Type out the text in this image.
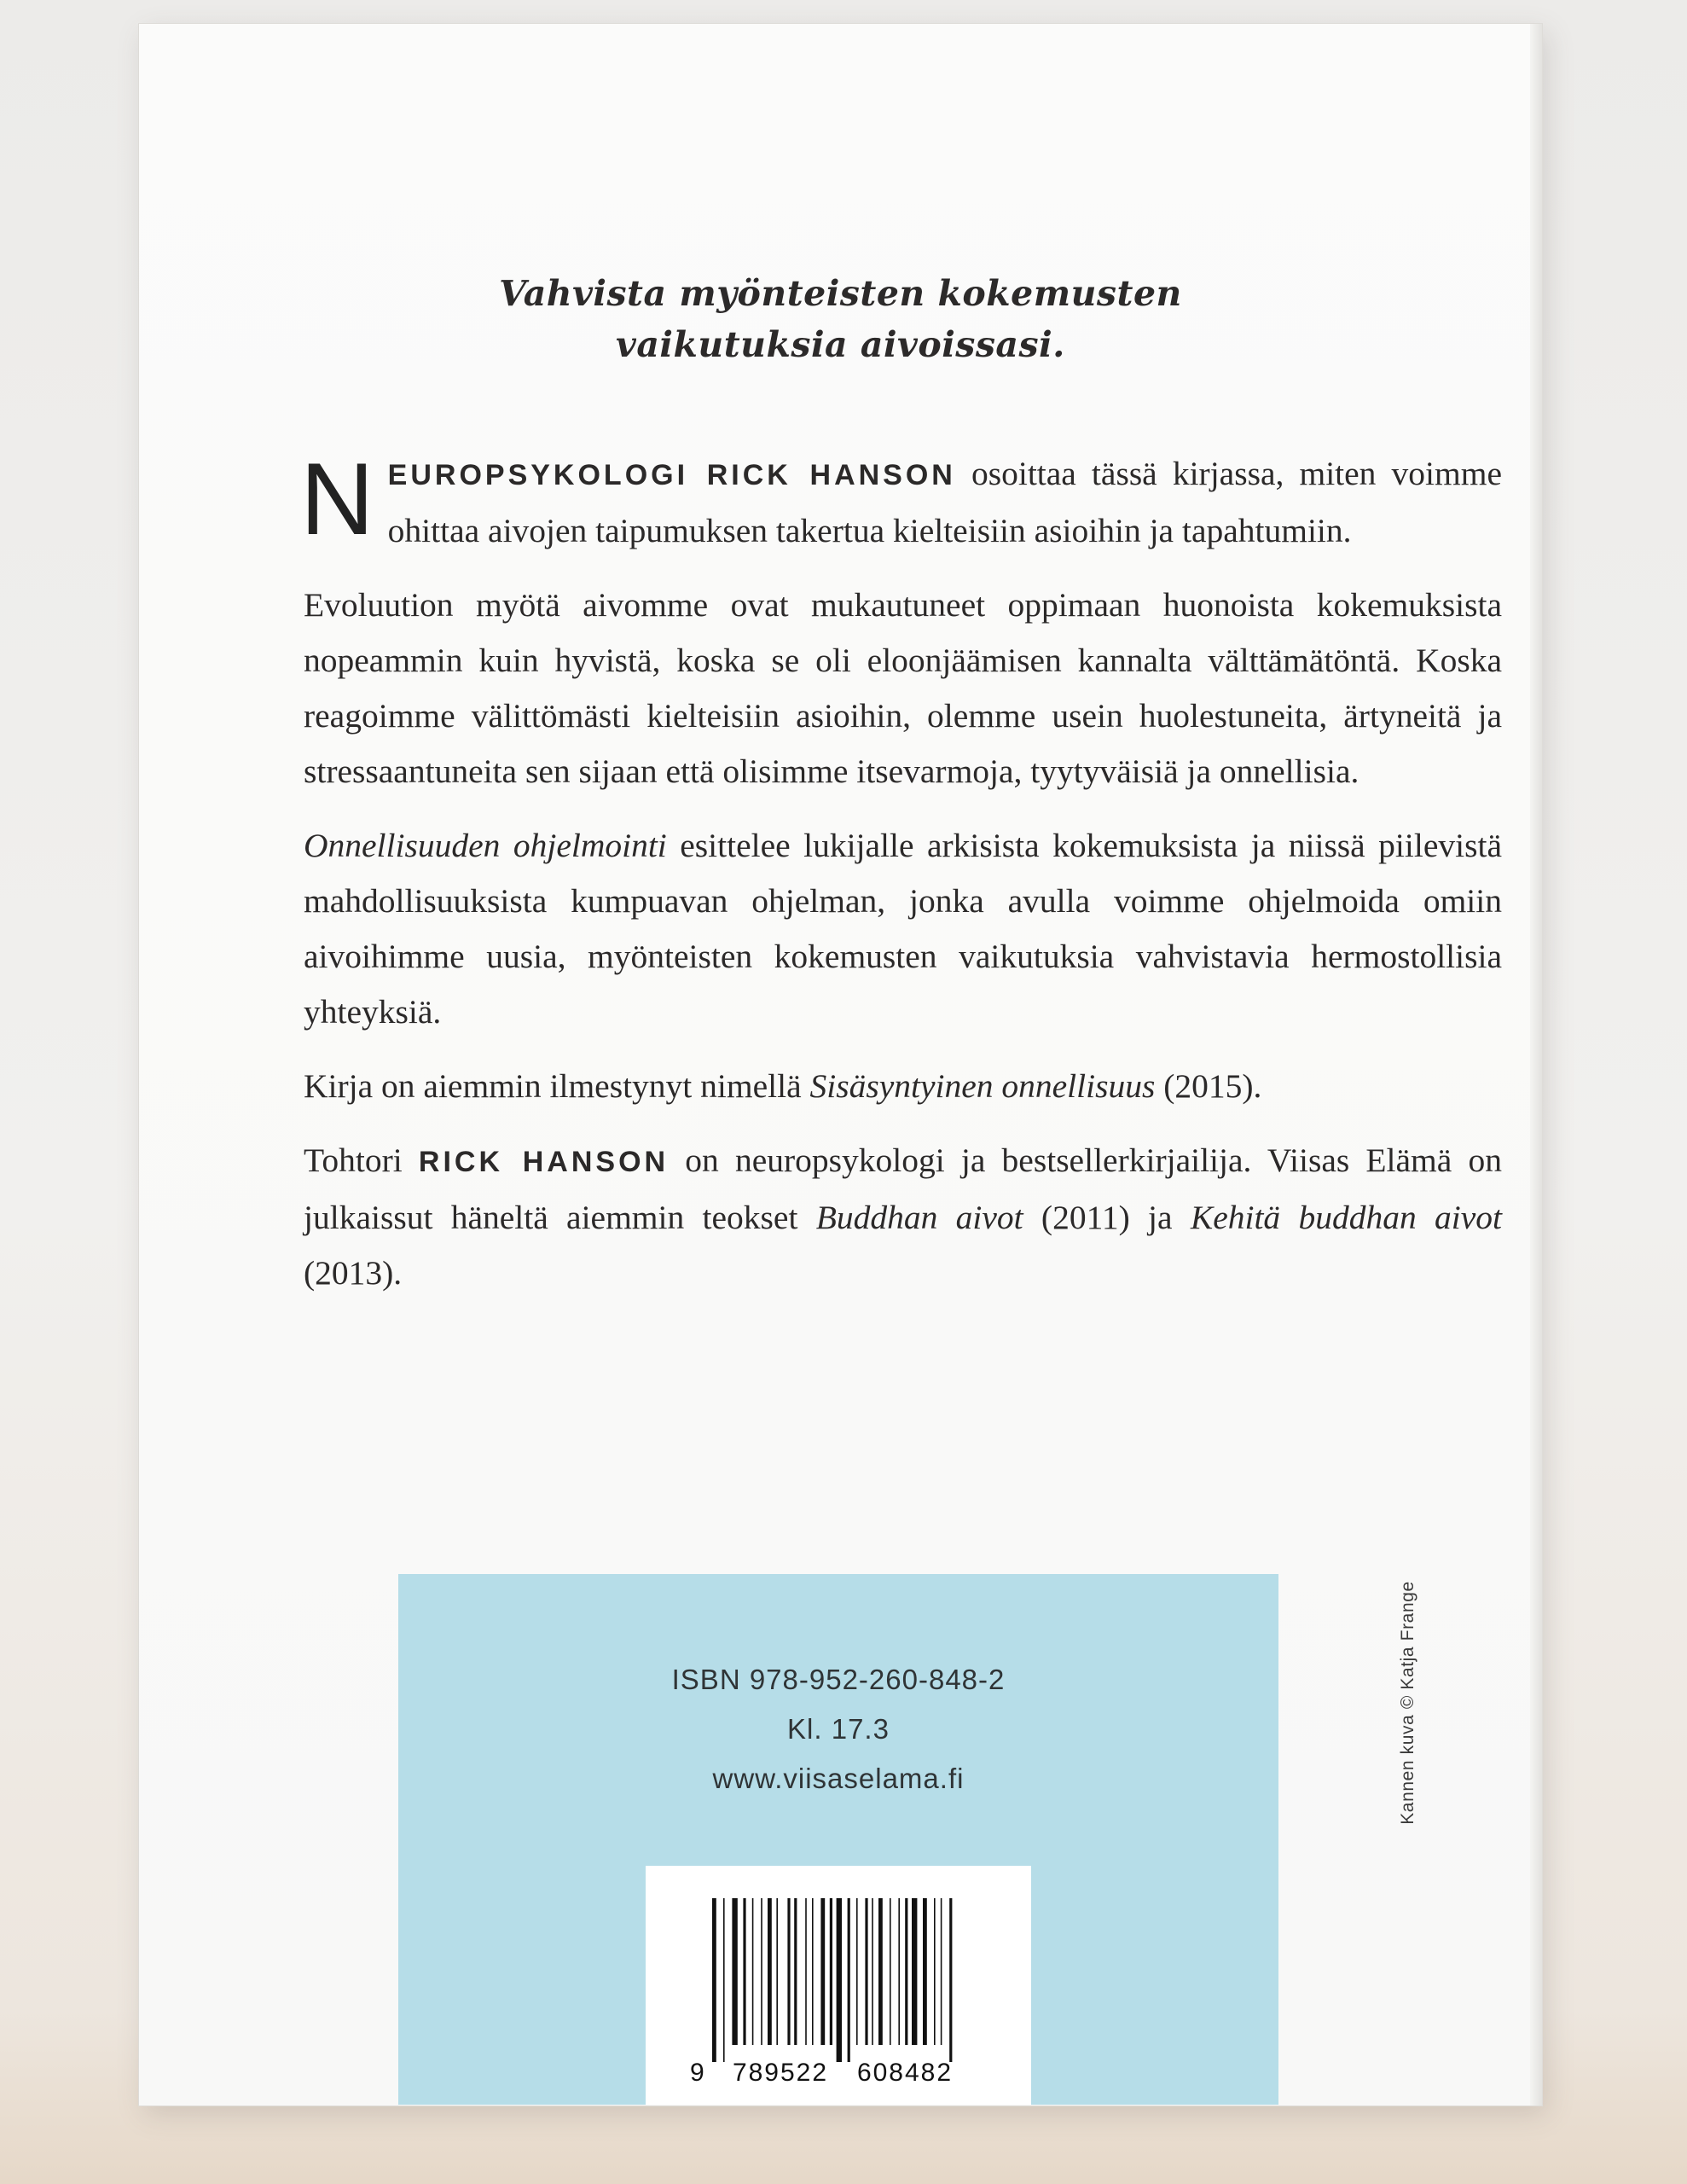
Vahvista myönteisten kokemusten
vaikutuksia aivoissasi.

NEUROPSYKOLOGI RICK HANSON osoittaa tässä kirjassa, miten voimme ohittaa aivojen taipumuksen takertua kielteisiin asioihin ja tapahtumiin.

Evoluution myötä aivomme ovat mukautuneet oppimaan huonoista kokemuksista nopeammin kuin hyvistä, koska se oli eloonjäämisen kannalta välttämätöntä. Koska reagoimme välittömästi kielteisiin asioihin, olemme usein huolestuneita, ärtyneitä ja stressaantuneita sen sijaan että olisimme itsevarmoja, tyytyväisiä ja onnellisia.

Onnellisuuden ohjelmointi esittelee lukijalle arkisista kokemuksista ja niissä piilevistä mahdollisuuksista kumpuavan ohjelman, jonka avulla voimme ohjelmoida omiin aivoihimme uusia, myönteisten kokemusten vaikutuksia vahvistavia hermostollisia yhteyksiä.

Kirja on aiemmin ilmestynyt nimellä Sisäsyntyinen onnellisuus (2015).

Tohtori RICK HANSON on neuropsykologi ja bestsellerkirjailija. Viisas Elämä on julkaissut häneltä aiemmin teokset Buddhan aivot (2011) ja Kehitä buddhan aivot (2013).

ISBN 978-952-260-848-2
Kl. 17.3
www.viisaselama.fi
9 789522 608482
Kannen kuva © Katja Frange
